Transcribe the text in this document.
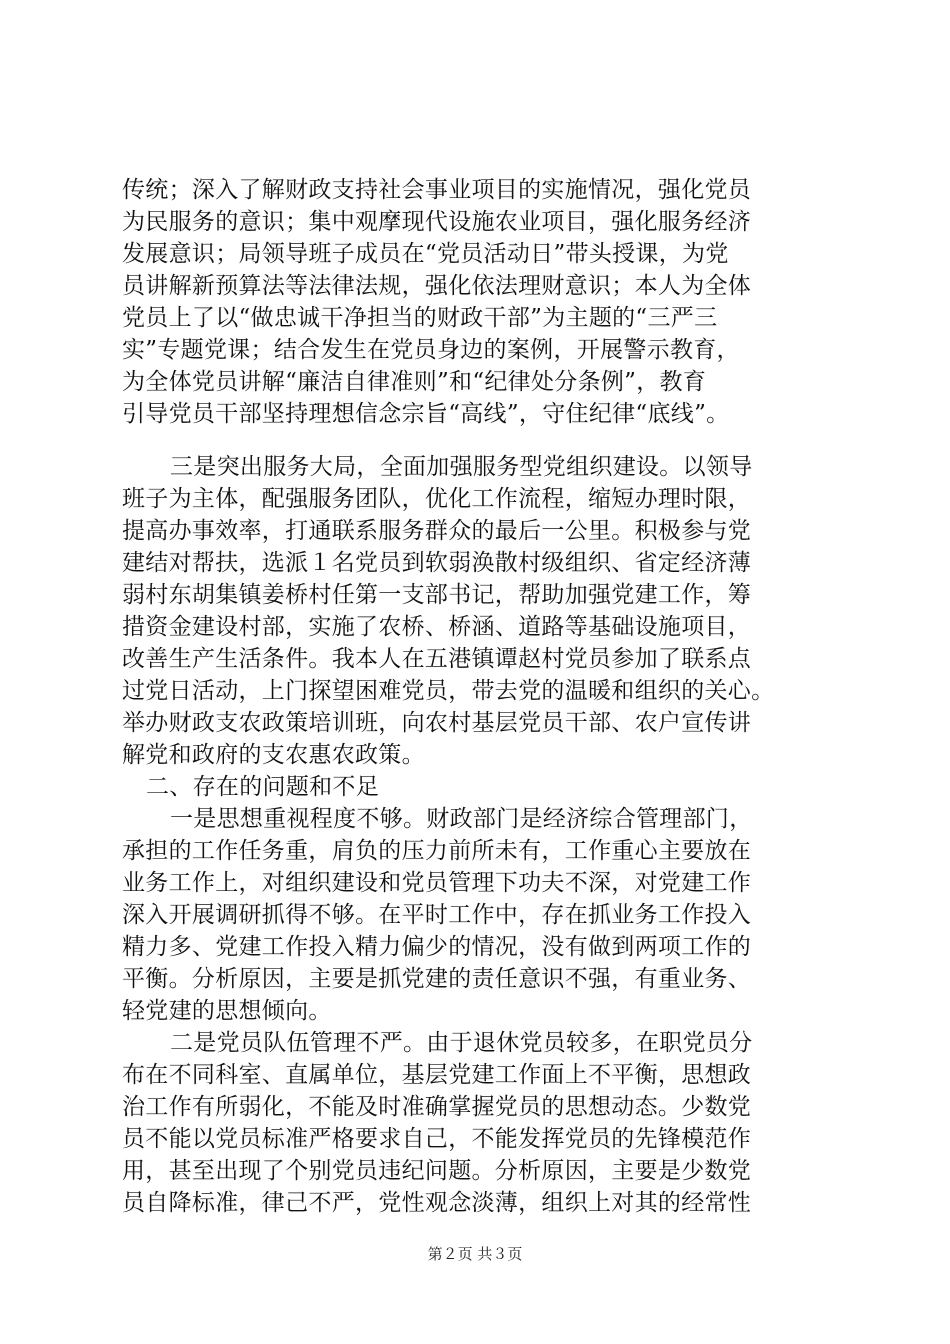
传统；深入了解财政支持社会事业项目的实施情况，强化党员
为民服务的意识；集中观摩现代设施农业项目，强化服务经济
发展意识；局领导班子成员在“党员活动日”带头授课，为党
员讲解新预算法等法律法规，强化依法理财意识；本人为全体
党员上了以“做忠诚干净担当的财政干部”为主题的“三严三
实”专题党课；结合发生在党员身边的案例，开展警示教育，
为全体党员讲解“廉洁自律准则”和“纪律处分条例”，教育
引导党员干部坚持理想信念宗旨“高线”，守住纪律“底线”。
三是突出服务大局，全面加强服务型党组织建设。以领导
班子为主体，配强服务团队，优化工作流程，缩短办理时限，
提高办事效率，打通联系服务群众的最后一公里。积极参与党
建结对帮扶，选派１名党员到软弱涣散村级组织、省定经济薄
弱村东胡集镇姜桥村任第一支部书记，帮助加强党建工作，筹
措资金建设村部，实施了农桥、桥涵、道路等基础设施项目，
改善生产生活条件。我本人在五港镇谭赵村党员参加了联系点
过党日活动，上门探望困难党员，带去党的温暖和组织的关心。
举办财政支农政策培训班，向农村基层党员干部、农户宣传讲
解党和政府的支农惠农政策。
二、存在的问题和不足
一是思想重视程度不够。财政部门是经济综合管理部门，
承担的工作任务重，肩负的压力前所未有，工作重心主要放在
业务工作上，对组织建设和党员管理下功夫不深，对党建工作
深入开展调研抓得不够。在平时工作中，存在抓业务工作投入
精力多、党建工作投入精力偏少的情况，没有做到两项工作的
平衡。分析原因，主要是抓党建的责任意识不强，有重业务、
轻党建的思想倾向。
二是党员队伍管理不严。由于退休党员较多，在职党员分
布在不同科室、直属单位，基层党建工作面上不平衡，思想政
治工作有所弱化，不能及时准确掌握党员的思想动态。少数党
员不能以党员标准严格要求自己，不能发挥党员的先锋模范作
用，甚至出现了个别党员违纪问题。分析原因，主要是少数党
员自降标准，律己不严，党性观念淡薄，组织上对其的经常性
第２页 共３页
